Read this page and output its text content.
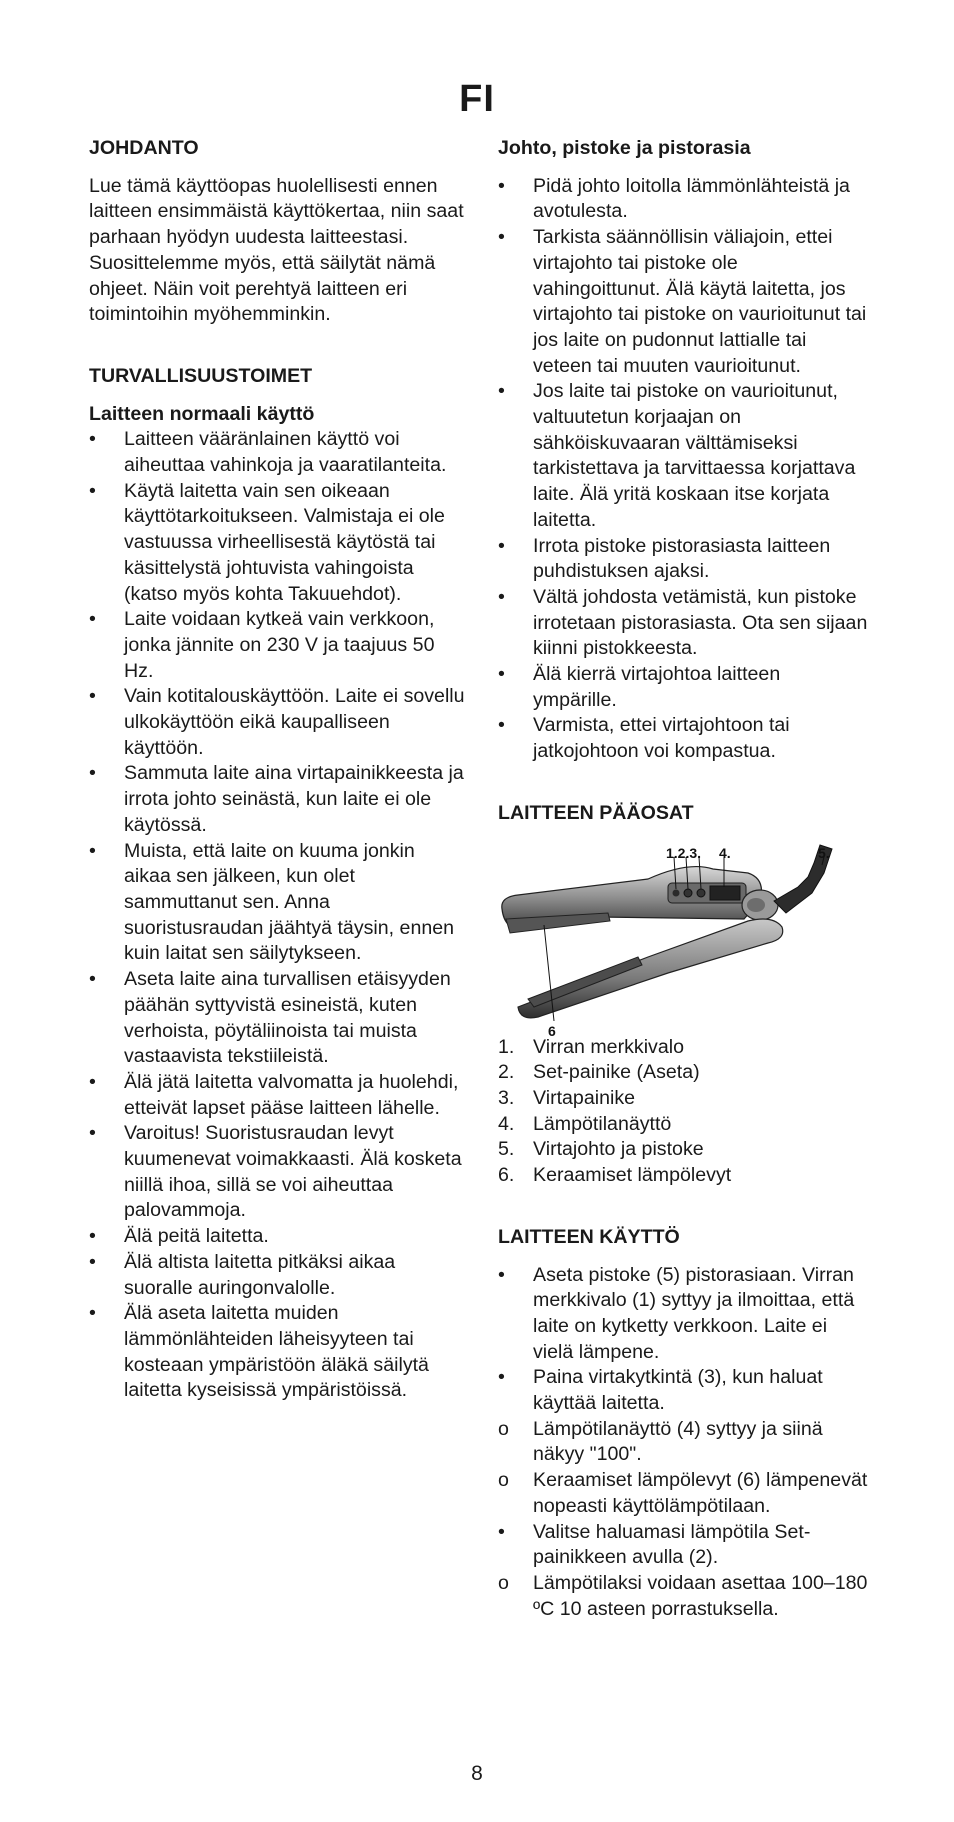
FI
JOHDANTO

Lue tämä käyttöopas huolellisesti ennen laitteen ensimmäistä käyttökertaa, niin saat parhaan hyödyn uudesta laitteestasi. Suosittelemme myös, että säilytät nämä ohjeet. Näin voit perehtyä laitteen eri toimintoihin myöhemminkin.

TURVALLISUUSTOIMET
Laitteen normaali käyttö
•	Laitteen vääränlainen käyttö voi aiheuttaa vahinkoja ja vaaratilanteita.
•	Käytä laitetta vain sen oikeaan käyttötarkoitukseen. Valmistaja ei ole vastuussa virheellisestä käytöstä tai käsittelystä johtuvista vahingoista (katso myös kohta Takuuehdot).
•	Laite voidaan kytkeä vain verkkoon, jonka jännite on 230 V ja taajuus 50 Hz.
•	Vain kotitalouskäyttöön. Laite ei sovellu ulkokäyttöön eikä kaupalliseen käyttöön.
•	Sammuta laite aina virtapainikkeesta ja irrota johto seinästä, kun laite ei ole käytössä.
•	Muista, että laite on kuuma jonkin aikaa sen jälkeen, kun olet sammuttanut sen. Anna suoristusraudan jäähtyä täysin, ennen kuin laitat sen säilytykseen.
•	Aseta laite aina turvallisen etäisyyden päähän syttyvistä esineistä, kuten verhoista, pöytäliinoista tai muista vastaavista tekstiileistä.
•	Älä jätä laitetta valvomatta ja huolehdi, etteivät lapset pääse laitteen lähelle.
•	Varoitus! Suoristusraudan levyt kuumenevat voimakkaasti. Älä kosketa niillä ihoa, sillä se voi aiheuttaa palovammoja.
•	Älä peitä laitetta.
•	Älä altista laitetta pitkäksi aikaa suoralle auringonvalolle.
•	Älä aseta laitetta muiden lämmönlähteiden läheisyyteen tai kosteaan ympäristöön äläkä säilytä laitetta kyseisissä ympäristöissä.
Johto, pistoke ja pistorasia
•	Pidä johto loitolla lämmönlähteistä ja avotulesta.
•	Tarkista säännöllisin väliajoin, ettei virtajohto tai pistoke ole vahingoittunut. Älä käytä laitetta, jos virtajohto tai pistoke on vaurioitunut tai jos laite on pudonnut lattialle tai veteen tai muuten vaurioitunut.
•	Jos laite tai pistoke on vaurioitunut, valtuutetun korjaajan on sähköiskuvaaran välttämiseksi tarkistettava ja tarvittaessa korjattava laite. Älä yritä koskaan itse korjata laitetta.
•	Irrota pistoke pistorasiasta laitteen puhdistuksen ajaksi.
•	Vältä johdosta vetämistä, kun pistoke irrotetaan pistorasiasta. Ota sen sijaan kiinni pistokkeesta.
•	Älä kierrä virtajohtoa laitteen ympärille.
•	Varmista, ettei virtajohtoon tai jatkojohtoon voi kompastua.
LAITTEEN PÄÄOSAT
1.2.3. 4.	5.
6
1. Virran merkkivalo
2. Set-painike (Aseta)
3. Virtapainike
4. Lämpötilanäyttö
5. Virtajohto ja pistoke
6. Keraamiset lämpölevyt
LAITTEEN KÄYTTÖ
•	Aseta pistoke (5) pistorasiaan. Virran merkkivalo (1) syttyy ja ilmoittaa, että laite on kytketty verkkoon. Laite ei vielä lämpene.
•	Paina virtakytkintä (3), kun haluat käyttää laitetta.
o	Lämpötilanäyttö (4) syttyy ja siinä näkyy "100".
o	Keraamiset lämpölevyt (6) lämpenevät nopeasti käyttölämpötilaan.
•	Valitse haluamasi lämpötila Set-painikkeen avulla (2).
o	Lämpötilaksi voidaan asettaa 100–180 ºC 10 asteen porrastuksella.
8
